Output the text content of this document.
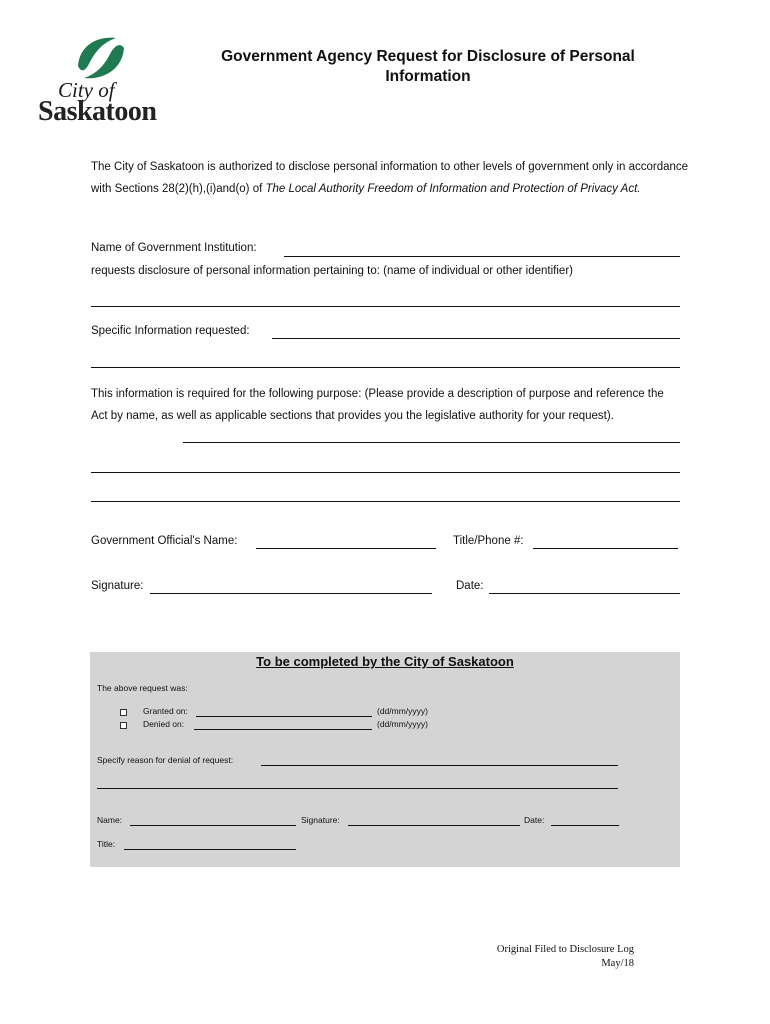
City of
Saskatoon
Government Agency Request for Disclosure of Personal Information
The City of Saskatoon is authorized to disclose personal information to other levels of government only in accordance with Sections 28(2)(h),(i)and(o) of The Local Authority Freedom of Information and Protection of Privacy Act.
Name of Government Institution:
requests disclosure of personal information pertaining to: (name of individual or other identifier)
Specific Information requested:
This information is required for the following purpose: (Please provide a description of purpose and reference the Act by name, as well as applicable sections that provides you the legislative authority for your request).
Government Official's Name:	Title/Phone #:
Signature:	Date:
To be completed by the City of Saskatoon
The above request was:
Granted on:	(dd/mm/yyyy)
Denied on:	(dd/mm/yyyy)
Specify reason for denial of request:
Name:	Signature:	Date:
Title:
Original Filed to Disclosure Log
May/18
